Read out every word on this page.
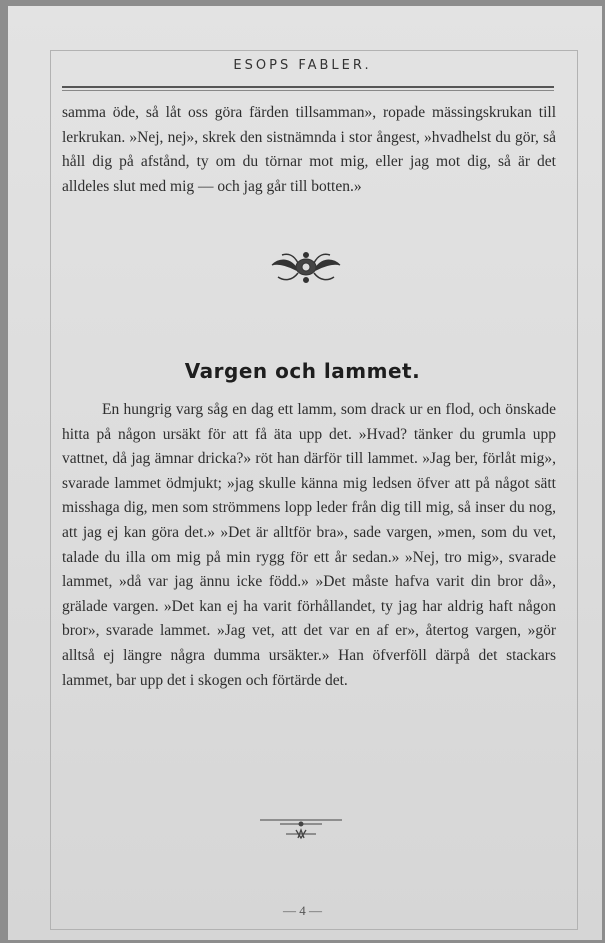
ESOPS FABLER.

samma öde, så låt oss göra färden tillsamman», ropade mässingskrukan till lerkrukan. »Nej, nej», skrek den sistnämnda i stor ångest, »hvadhelst du gör, så håll dig på afstånd, ty om du törnar mot mig, eller jag mot dig, så är det alldeles slut med mig — och jag går till botten.»

Vargen och lammet.

En hungrig varg såg en dag ett lamm, som drack ur en flod, och önskade hitta på någon ursäkt för att få äta upp det. »Hvad? tänker du grumla upp vattnet, då jag ämnar dricka?» röt han därför till lammet. »Jag ber, förlåt mig», svarade lammet ödmjukt; »jag skulle känna mig ledsen öfver att på något sätt misshaga dig, men som strömmens lopp leder från dig till mig, så inser du nog, att jag ej kan göra det.» »Det är alltför bra», sade vargen, »men, som du vet, talade du illa om mig på min rygg för ett år sedan.» »Nej, tro mig», svarade lammet, »då var jag ännu icke född.» »Det måste hafva varit din bror då», grälade vargen. »Det kan ej ha varit förhållandet, ty jag har aldrig haft någon bror», svarade lammet. »Jag vet, att det var en af er», återtog vargen, »gör alltså ej längre några dumma ursäkter.» Han öfverföll därpå det stackars lammet, bar upp det i skogen och förtärde det.

— 4 —
